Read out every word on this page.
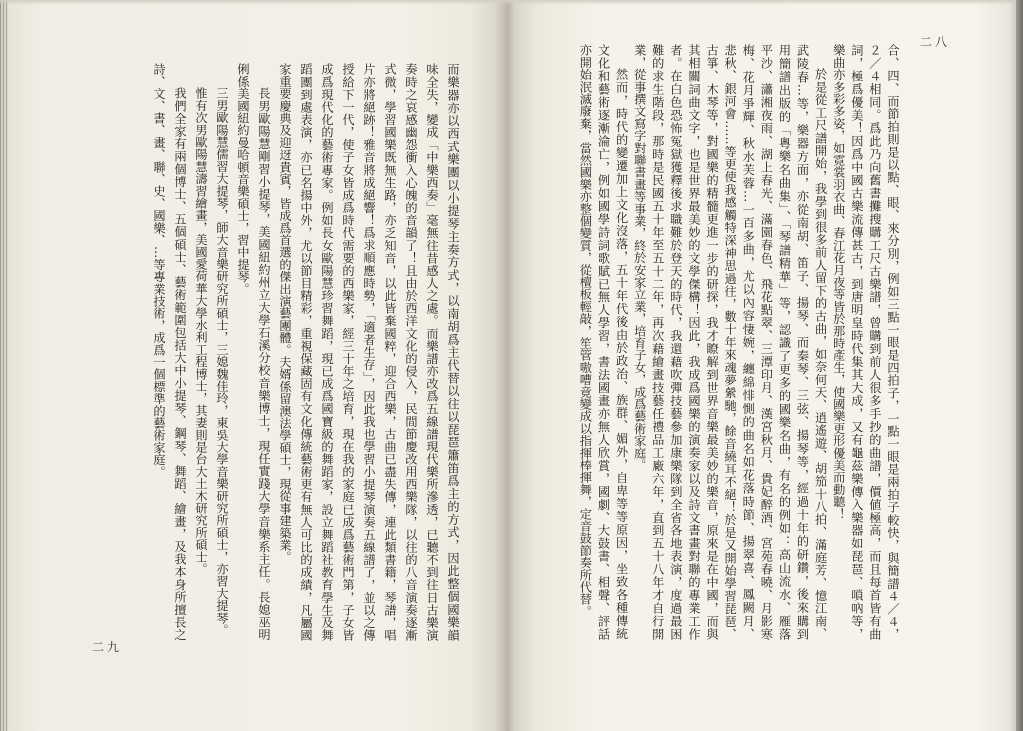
而樂器亦以西式樂團以小提琴主奏方式，以南胡爲主代替以往以琵琶簫笛爲主的方式，因此整個國樂韻
味全失，變成「中樂西奏」毫無往昔感人之處。而樂譜亦改爲五線譜現代樂所滲透，已聽不到往日古樂演
奏時之哀感幽怨衝入心魄的音韻了！且由於西洋文化的侵入，民間節慶改用西樂隊，以往的八音演奏逐漸
式微，學習國樂既無生路，亦乏知音，以此皆棄國粹，迎合西樂，古曲已盡失傳，連此類書籍，琴譜，唱
片亦將絕跡！雅音將成絕響！爲求順應時勢，「適者生存」，因此我也學習小提琴演奏五線譜了，並以之傳
授給下一代，使子女皆成爲時代需要的西樂家，經三十年之培育，現在我的家庭已成爲藝術門第，子女皆
成爲現代化的藝術專家。例如長女歐陽慧珍習舞蹈，現已成爲國寶級的舞蹈家，設立舞蹈社教育學生及舞
蹈團到處表演，亦已名揚中外，尤以節目精彩，重視保藏固有文化傳統藝術更有無人可比的成績，凡屬國
家重要慶典及迎迓貴賓，皆成爲首選的傑出演藝團體。夫婿係留澳法學碩士，現從事建築業。
長男歐陽慧剛習小提琴，美國紐約州立大學石溪分校音樂博士，現任實踐大學音樂系主任。長媳巫明
俐係美國紐約曼哈頓音樂碩士，習中提琴。
三男歐陽慧儒習大提琴，師大音樂研究所碩士，三媳魏佳玲，東吳大學音樂研究所碩士，亦習大提琴。
惟有次男歐陽慧濤習繪畫，美國愛荷華大學水利工程博士，其妻則是台大土木研究所碩士。
我們全家有兩個博士、五個碩士、藝術範圍包括大中小提琴、鋼琴、舞蹈、繪畫，及我本身所擅長之
詩、文、書、畫、聯、史、國樂、…等專業技術，成爲一個標準的藝術家庭。
二九
合、四、而節拍則是以點、眼、來分別，例如三點一眼是四拍子，一點一眼是兩拍子較快，與簡譜４／４，
２／４相同。爲此乃向舊書攤搜購工尺古樂譜，曾購到前人很多手抄的曲譜，價値極高，而且每首皆有曲
詞，極爲優美！因爲中國古樂流傳甚古，到唐明皇時代集其大成，又有龜茲樂傳入樂器如琵琶、嗩吶等，
樂曲亦多彩多姿，如霓裳羽衣曲、春江花月夜等皆於那時產生，使國樂更形優美而動聽！
於是從工尺譜開始，我學到很多前人留下的古曲，如奈何天、逍遙遊、胡笳十八拍、滿庭芳、憶江南、
武陵春…等，樂器方面，亦從南胡、笛子、揚琴、而秦琴、三弦、揚琴等，經過十年的研鑽，後來購到
用簡譜出版的「粵樂名曲集」、「琴譜精華」等，認識了更多的國樂名曲，有名的例如：高山流水、雁落
平沙、瀟湘夜雨、湖上春光、滿園春色、飛花點翠、三潭印月、漢宮秋月、貴妃醉酒、宮苑春曉、月影寒
梅、花月爭輝、秋水芙蓉…一百多曲，尤以內容悽婉，纏綿悱惻的曲名如花落時節、揚翠喜、鳳闕月、
悲秋、銀河會……等更使我感觸特深神思過往，數十年來魂夢縈馳，餘音繞耳不絕！於是又開始學習琵琶、
古箏、木琴等，對國樂的精髓更進一步的研探，我才瞭解到世界音樂最美妙的樂音，原來是在中國，而與
其相關詞曲文字，也是世界最美妙的文學傑構！因此，我成爲國樂的演奏家以及詩文書畫對聯的專業工作
者。在白色恐怖冤獄獲釋後求職難於登天的時代，我還藉吹彈技藝參加康樂隊到全省各地表演，度過最困
難的求生階段，那時是民國五十年至五十二年，再次藉繪畫技藝任禮品工廠六年，直到五十八年才自行開
業，從事撰文寫字對聯書畫等事業，終於安家立業，培育子女，成爲藝術家庭。
然而，時代的變遷加上文化沒落，五十年代後由於政治、族群、媚外，自卑等等原因，坐致各種傳統
文化和藝術逐漸淪亡，例如國學詩詞歌賦已無人學習，書法國畫亦無人欣賞，國劇、大鼓書、相聲、評話
亦開始泯滅廢棄，當然國樂亦整個變質，從檀板輕敲，笙管嗷嘈竟變成以指揮棒揮舞，定音鼓節奏所代替。
二八
